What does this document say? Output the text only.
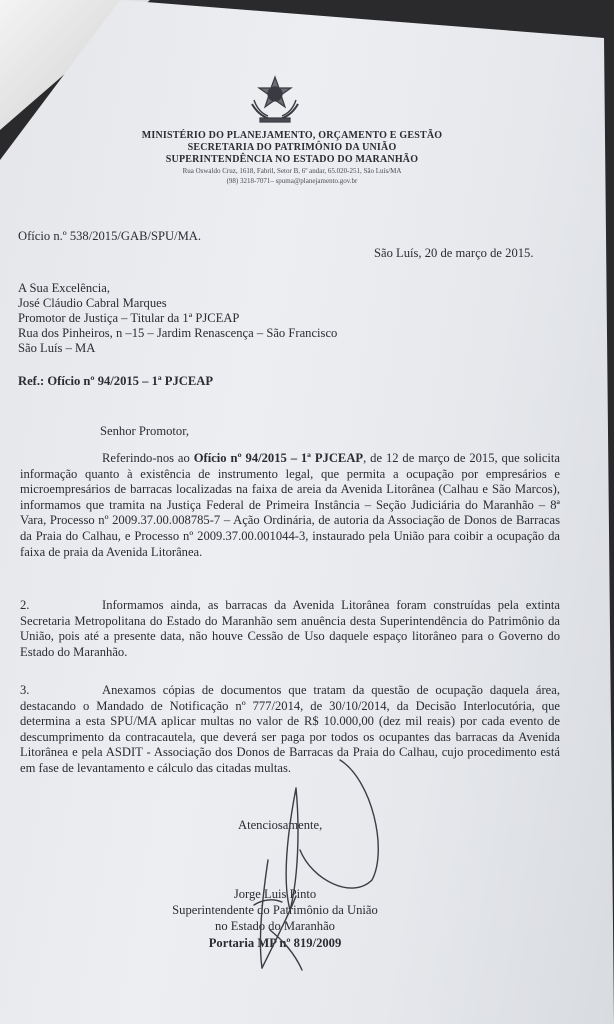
MINISTÉRIO DO PLANEJAMENTO, ORÇAMENTO E GESTÃO
SECRETARIA DO PATRIMÔNIO DA UNIÃO
SUPERINTENDÊNCIA NO ESTADO DO MARANHÃO
Rua Oswaldo Cruz, 1618, Fabril, Setor B, 6º andar, 65.020-251, São Luís/MA
(98) 3218-7071– spuma@planejamento.gov.br
Ofício n.º 538/2015/GAB/SPU/MA.
São Luís, 20 de março de 2015.
A Sua Excelência,
José Cláudio Cabral Marques
Promotor de Justiça – Titular da 1ª PJCEAP
Rua dos Pinheiros, n –15 – Jardim Renascença – São Francisco
São Luís – MA
Ref.: Ofício nº 94/2015 – 1ª PJCEAP
Senhor Promotor,
Referindo-nos ao Ofício nº 94/2015 – 1ª PJCEAP, de 12 de março de 2015, que solicita informação quanto à existência de instrumento legal, que permita a ocupação por empresários e microempresários de barracas localizadas na faixa de areia da Avenida Litorânea (Calhau e São Marcos), informamos que tramita na Justiça Federal de Primeira Instância – Seção Judiciária do Maranhão – 8ª Vara, Processo nº 2009.37.00.008785-7 – Ação Ordinária, de autoria da Associação de Donos de Barracas da Praia do Calhau, e Processo nº 2009.37.00.001044-3, instaurado pela União para coibir a ocupação da faixa de praia da Avenida Litorânea.
2.	Informamos ainda, as barracas da Avenida Litorânea foram construídas pela extinta Secretaria Metropolitana do Estado do Maranhão sem anuência desta Superintendência do Patrimônio da União, pois até a presente data, não houve Cessão de Uso daquele espaço litorâneo para o Governo do Estado do Maranhão.
3.	Anexamos cópias de documentos que tratam da questão de ocupação daquela área, destacando o Mandado de Notificação nº 777/2014, de 30/10/2014, da Decisão Interlocutória, que determina a esta SPU/MA aplicar multas no valor de R$ 10.000,00 (dez mil reais) por cada evento de descumprimento da contracautela, que deverá ser paga por todos os ocupantes das barracas da Avenida Litorânea e pela ASDIT - Associação dos Donos de Barracas da Praia do Calhau, cujo procedimento está em fase de levantamento e cálculo das citadas multas.
Atenciosamente,
Jorge Luis Pinto
Superintendente do Patrimônio da União
no Estado do Maranhão
Portaria MP nº 819/2009
